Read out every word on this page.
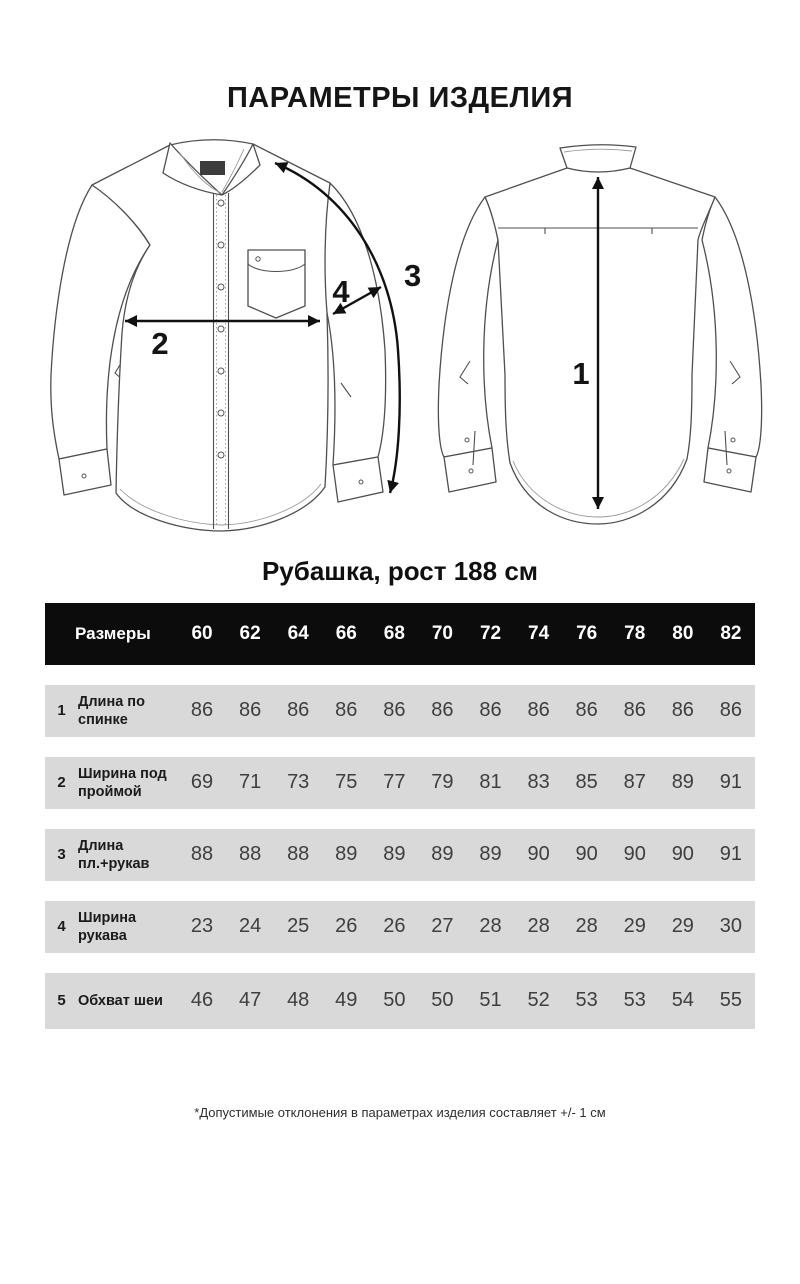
ПАРАМЕТРЫ ИЗДЕЛИЯ
2
4 3
1
Рубашка, рост 188 см
Размеры	60	62	64	66	68	70	72	74	76	78	80	82
1
Длина по спинке	86	86	86	86	86	86	86	86	86	86	86	86
2
Ширина под проймой	69	71	73	75	77	79	81	83	85	87	89	91
3
Длина пл.+рукав	88	88	88	89	89	89	89	90	90	90	90	91
4
Ширина рукава	23	24	25	26	26	27	28	28	28	29	29	30
5 Обхват шеи	46	47	48	49	50	50	51	52	53	53	54	55
*Допустимые отклонения в параметрах изделия составляет +/- 1 см
